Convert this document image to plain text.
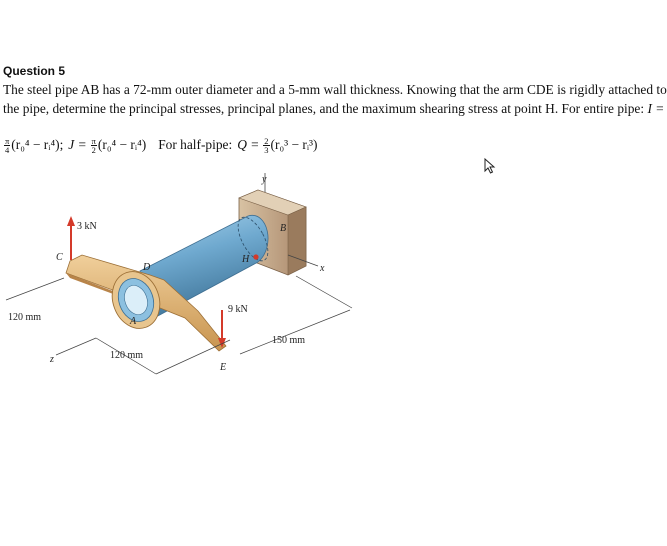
Question 5
The steel pipe AB has a 72-mm outer diameter and a 5-mm wall thickness. Knowing that the arm CDE is rigidly attached to
the pipe, determine the principal stresses, principal planes, and the maximum shearing stress at point H. For entire pipe: I =
$\frac{\pi}{4} (r_0^4$ − rᵢ⁴); $J = \frac{\pi}{2} (r_0^4$ − rᵢ⁴) For half-pipe: $Q = \frac{2}{3} (r_0^3$ − rᵢ³)
y
B
x
H
C
D
E
A
3 kN
9 kN
120 mm
z	120 mm
150 mm
